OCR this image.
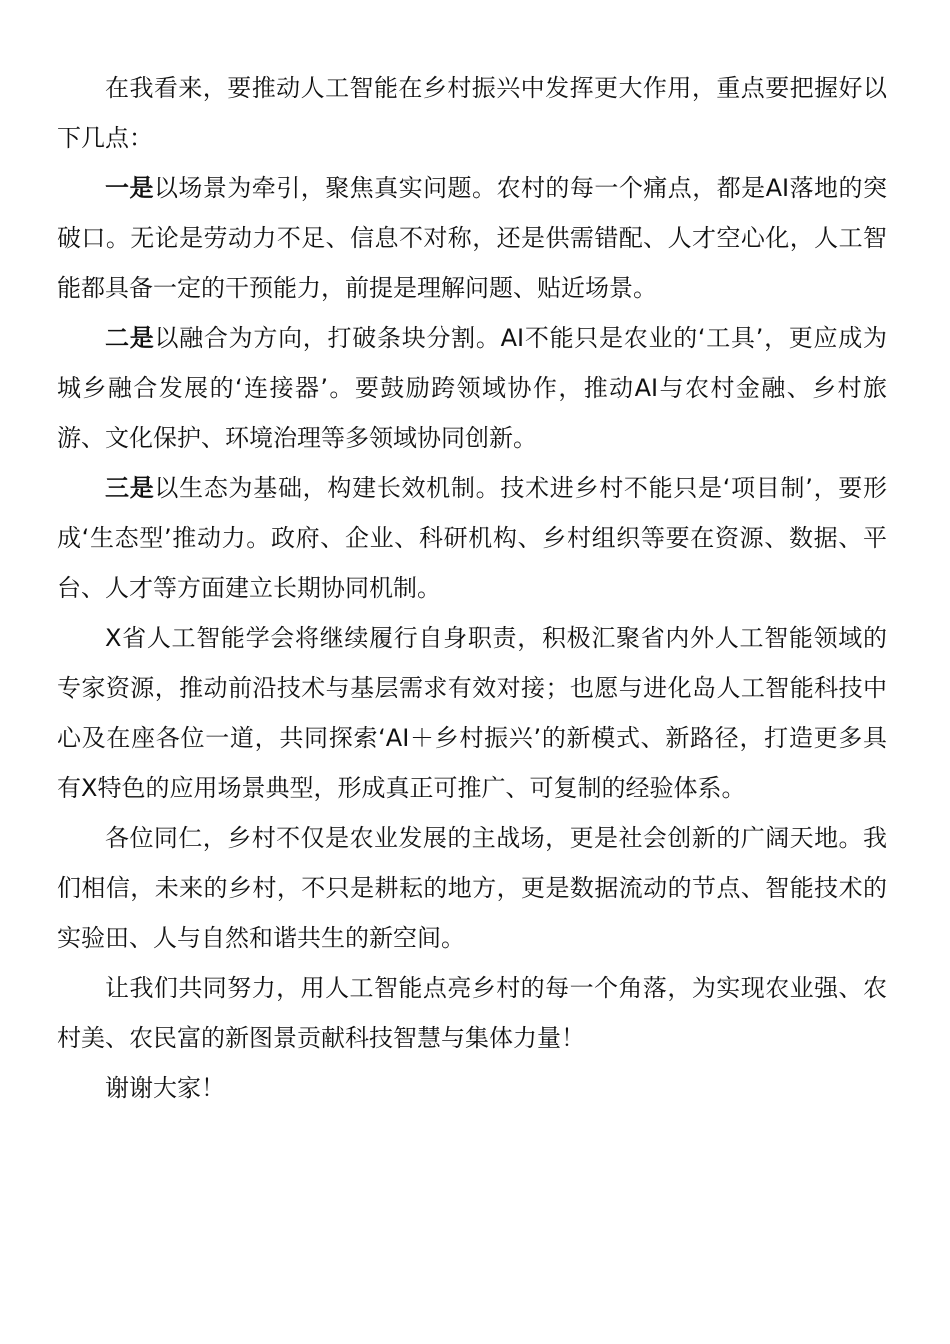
在我看来，要推动人工智能在乡村振兴中发挥更大作用，重点要把握好以下几点：

一是以场景为牵引，聚焦真实问题。农村的每一个痛点，都是AI落地的突破口。无论是劳动力不足、信息不对称，还是供需错配、人才空心化，人工智能都具备一定的干预能力，前提是理解问题、贴近场景。

二是以融合为方向，打破条块分割。AI不能只是农业的‘工具’，更应成为城乡融合发展的‘连接器’。要鼓励跨领域协作，推动AI与农村金融、乡村旅游、文化保护、环境治理等多领域协同创新。

三是以生态为基础，构建长效机制。技术进乡村不能只是‘项目制’，要形成‘生态型’推动力。政府、企业、科研机构、乡村组织等要在资源、数据、平台、人才等方面建立长期协同机制。

X省人工智能学会将继续履行自身职责，积极汇聚省内外人工智能领域的专家资源，推动前沿技术与基层需求有效对接；也愿与进化岛人工智能科技中心及在座各位一道，共同探索‘AI＋乡村振兴’的新模式、新路径，打造更多具有X特色的应用场景典型，形成真正可推广、可复制的经验体系。

各位同仁，乡村不仅是农业发展的主战场，更是社会创新的广阔天地。我们相信，未来的乡村，不只是耕耘的地方，更是数据流动的节点、智能技术的实验田、人与自然和谐共生的新空间。

让我们共同努力，用人工智能点亮乡村的每一个角落，为实现农业强、农村美、农民富的新图景贡献科技智慧与集体力量！

谢谢大家！
